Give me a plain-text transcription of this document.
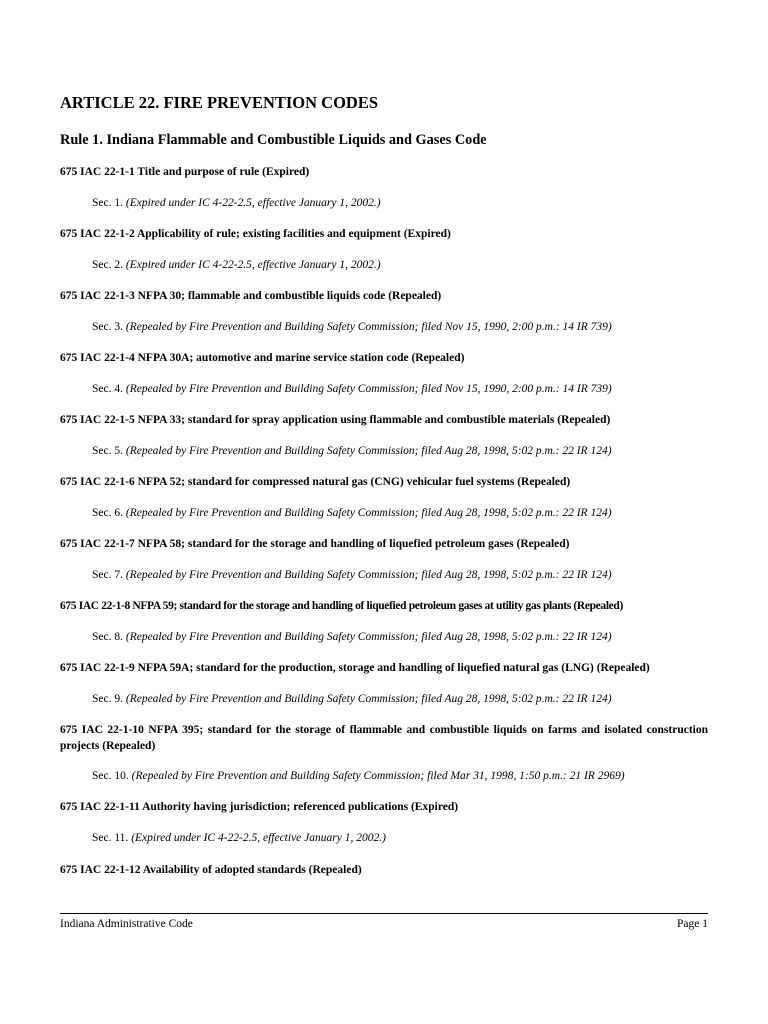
ARTICLE 22. FIRE PREVENTION CODES
Rule 1. Indiana Flammable and Combustible Liquids and Gases Code

675 IAC 22-1-1 Title and purpose of rule (Expired)

Sec. 1. (Expired under IC 4-22-2.5, effective January 1, 2002.)

675 IAC 22-1-2 Applicability of rule; existing facilities and equipment (Expired)

Sec. 2. (Expired under IC 4-22-2.5, effective January 1, 2002.)

675 IAC 22-1-3 NFPA 30; flammable and combustible liquids code (Repealed)

Sec. 3. (Repealed by Fire Prevention and Building Safety Commission; filed Nov 15, 1990, 2:00 p.m.: 14 IR 739)

675 IAC 22-1-4 NFPA 30A; automotive and marine service station code (Repealed)

Sec. 4. (Repealed by Fire Prevention and Building Safety Commission; filed Nov 15, 1990, 2:00 p.m.: 14 IR 739)

675 IAC 22-1-5 NFPA 33; standard for spray application using flammable and combustible materials (Repealed)

Sec. 5. (Repealed by Fire Prevention and Building Safety Commission; filed Aug 28, 1998, 5:02 p.m.: 22 IR 124)

675 IAC 22-1-6 NFPA 52; standard for compressed natural gas (CNG) vehicular fuel systems (Repealed)

Sec. 6. (Repealed by Fire Prevention and Building Safety Commission; filed Aug 28, 1998, 5:02 p.m.: 22 IR 124)

675 IAC 22-1-7 NFPA 58; standard for the storage and handling of liquefied petroleum gases (Repealed)

Sec. 7. (Repealed by Fire Prevention and Building Safety Commission; filed Aug 28, 1998, 5:02 p.m.: 22 IR 124)

675 IAC 22-1-8 NFPA 59; standard for the storage and handling of liquefied petroleum gases at utility gas plants (Repealed)

Sec. 8. (Repealed by Fire Prevention and Building Safety Commission; filed Aug 28, 1998, 5:02 p.m.: 22 IR 124)

675 IAC 22-1-9 NFPA 59A; standard for the production, storage and handling of liquefied natural gas (LNG) (Repealed)

Sec. 9. (Repealed by Fire Prevention and Building Safety Commission; filed Aug 28, 1998, 5:02 p.m.: 22 IR 124)

675 IAC 22-1-10 NFPA 395; standard for the storage of flammable and combustible liquids on farms and isolated construction projects (Repealed)

Sec. 10. (Repealed by Fire Prevention and Building Safety Commission; filed Mar 31, 1998, 1:50 p.m.: 21 IR 2969)

675 IAC 22-1-11 Authority having jurisdiction; referenced publications (Expired)

Sec. 11. (Expired under IC 4-22-2.5, effective January 1, 2002.)

675 IAC 22-1-12 Availability of adopted standards (Repealed)

Indiana Administrative Code	Page 1
